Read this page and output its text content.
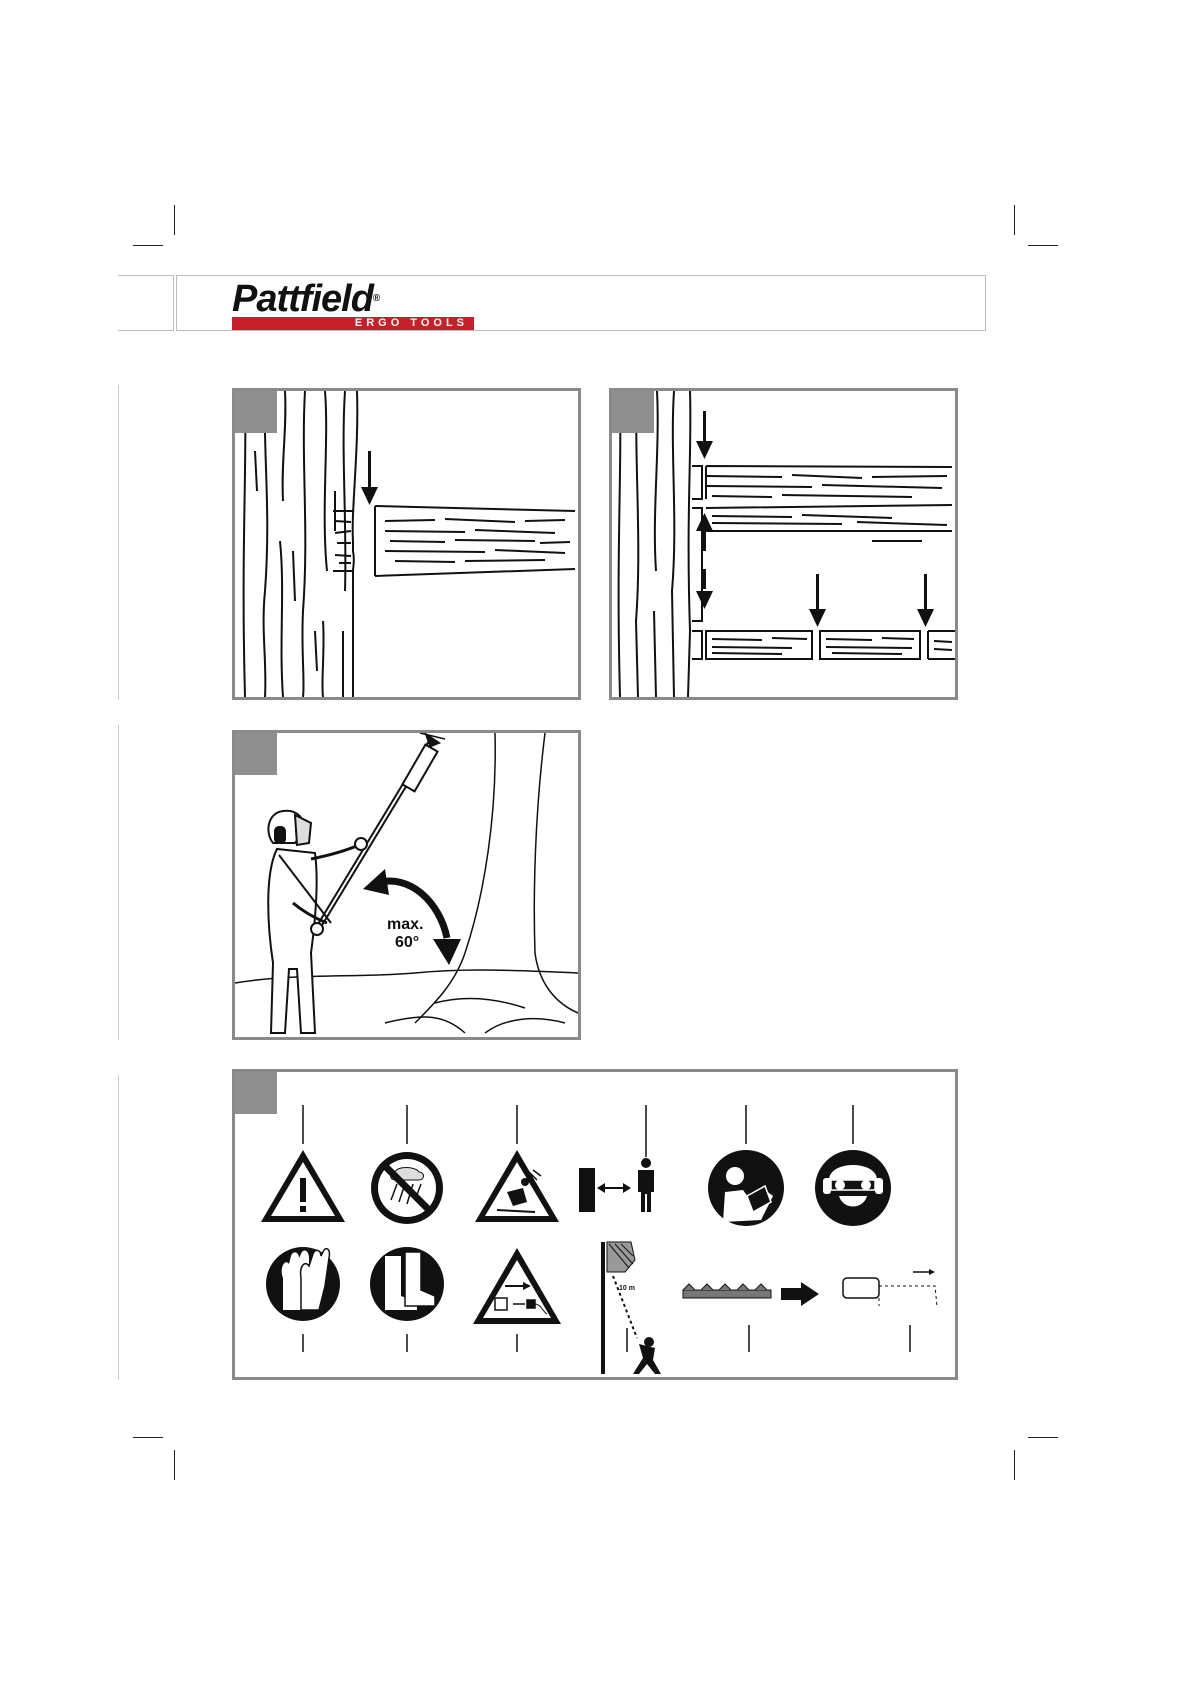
Pattfield®
ERGO TOOLS
max.
60°
10 m
